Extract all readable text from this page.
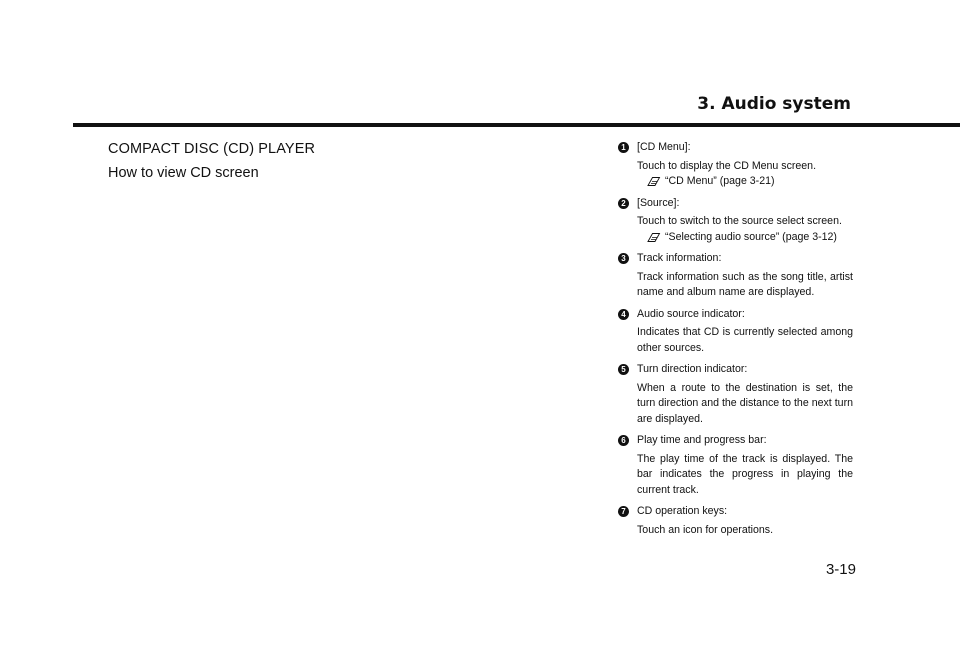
3. Audio system
COMPACT DISC (CD) PLAYER
How to view CD screen
1	[CD Menu]:
Touch to display the CD Menu screen.
“CD Menu” (page 3-21)
2	[Source]:
Touch to switch to the source select screen.
“Selecting audio source” (page 3-12)
3	Track information:
Track information such as the song title, artist name and album name are displayed.
4	Audio source indicator:
Indicates that CD is currently selected among other sources.
5	Turn direction indicator:
When a route to the destination is set, the turn direction and the distance to the next turn are displayed.
6	Play time and progress bar:
The play time of the track is displayed. The bar indicates the progress in playing the current track.
7	CD operation keys:
Touch an icon for operations.
3-19
